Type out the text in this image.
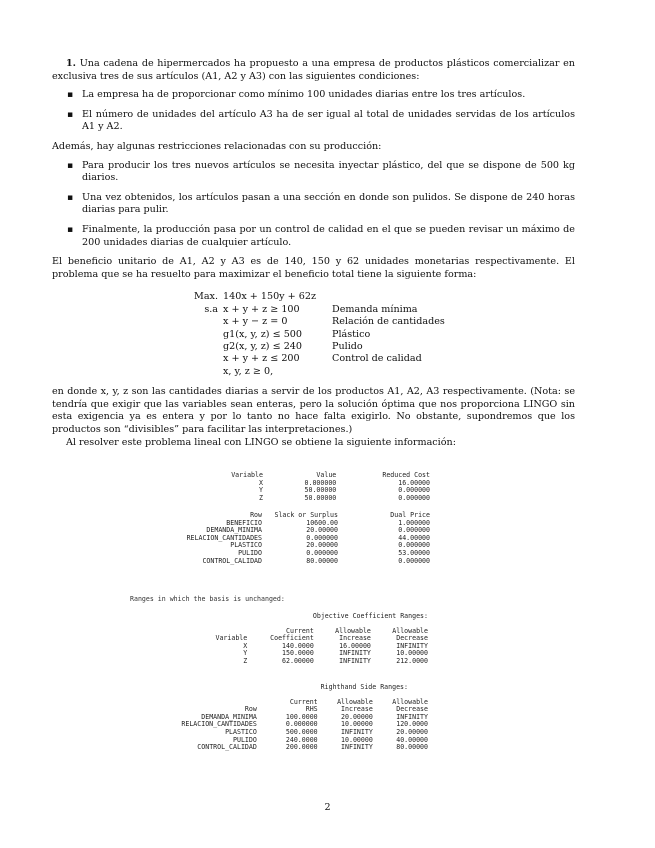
1. Una cadena de hipermercados ha propuesto a una empresa de productos plásticos comercializar en exclusiva tres de sus artículos (A1, A2 y A3) con las siguientes condiciones:

▪ La empresa ha de proporcionar como mínimo 100 unidades diarias entre los tres artículos.
▪ El número de unidades del artículo A3 ha de ser igual al total de unidades servidas de los artículos A1 y A2.

Además, hay algunas restricciones relacionadas con su producción:

▪ Para producir los tres nuevos artículos se necesita inyectar plástico, del que se dispone de 500 kg diarios.
▪ Una vez obtenidos, los artículos pasan a una sección en donde son pulidos. Se dispone de 240 horas diarias para pulir.
▪ Finalmente, la producción pasa por un control de calidad en el que se pueden revisar un máximo de 200 unidades diarias de cualquier artículo.

El beneficio unitario de A1, A2 y A3 es de 140, 150 y 62 unidades monetarias respectivamente. El problema que se ha resuelto para maximizar el beneficio total tiene la siguiente forma:

Max.	140x + 150y + 62z	
s.a	x + y + z ≥ 100	Demanda mínima
	x + y − z = 0	Relación de cantidades
	g1(x, y, z) ≤ 500	Plástico
	g2(x, y, z) ≤ 240	Pulido
	x + y + z ≤ 200	Control de calidad
	x, y, z ≥ 0,	

en donde x, y, z son las cantidades diarias a servir de los productos A1, A2, A3 respectivamente. (Nota: se tendría que exigir que las variables sean enteras, pero la solución óptima que nos proporciona LINGO sin esta exigencia ya es entera y por lo tanto no hace falta exigirlo. No obstante, supondremos que los productos son “divisibles” para facilitar las interpretaciones.)

Al resolver este problema lineal con LINGO se obtiene la siguiente información:

Variable	Value	Reduced Cost
X	0.000000	16.00000
Y	50.00000	0.000000
Z	50.00000	0.000000
Row	Slack or Surplus	Dual Price
BENEFICIO	10600.00	1.000000
DEMANDA_MINIMA	20.00000	0.000000
RELACION_CANTIDADES	0.000000	44.00000
PLASTICO	20.00000	0.000000
PULIDO	0.000000	53.00000
CONTROL_CALIDAD	80.00000	0.000000
Ranges in which the basis is unchanged:
Objective Coefficient Ranges:			

	Current	Allowable	Allowable
Variable	Coefficient	Increase	Decrease
X	140.0000	16.00000	INFINITY
Y	150.0000	INFINITY	10.00000
Z	62.00000	INFINITY	212.0000
Righthand Side Ranges:			

	Current	Allowable	Allowable
Row	RHS	Increase	Decrease
DEMANDA_MINIMA	100.0000	20.00000	INFINITY
RELACION_CANTIDADES	0.000000	10.00000	120.0000
PLASTICO	500.0000	INFINITY	20.00000
PULIDO	240.0000	10.00000	40.00000
CONTROL_CALIDAD	200.0000	INFINITY	80.00000
2
